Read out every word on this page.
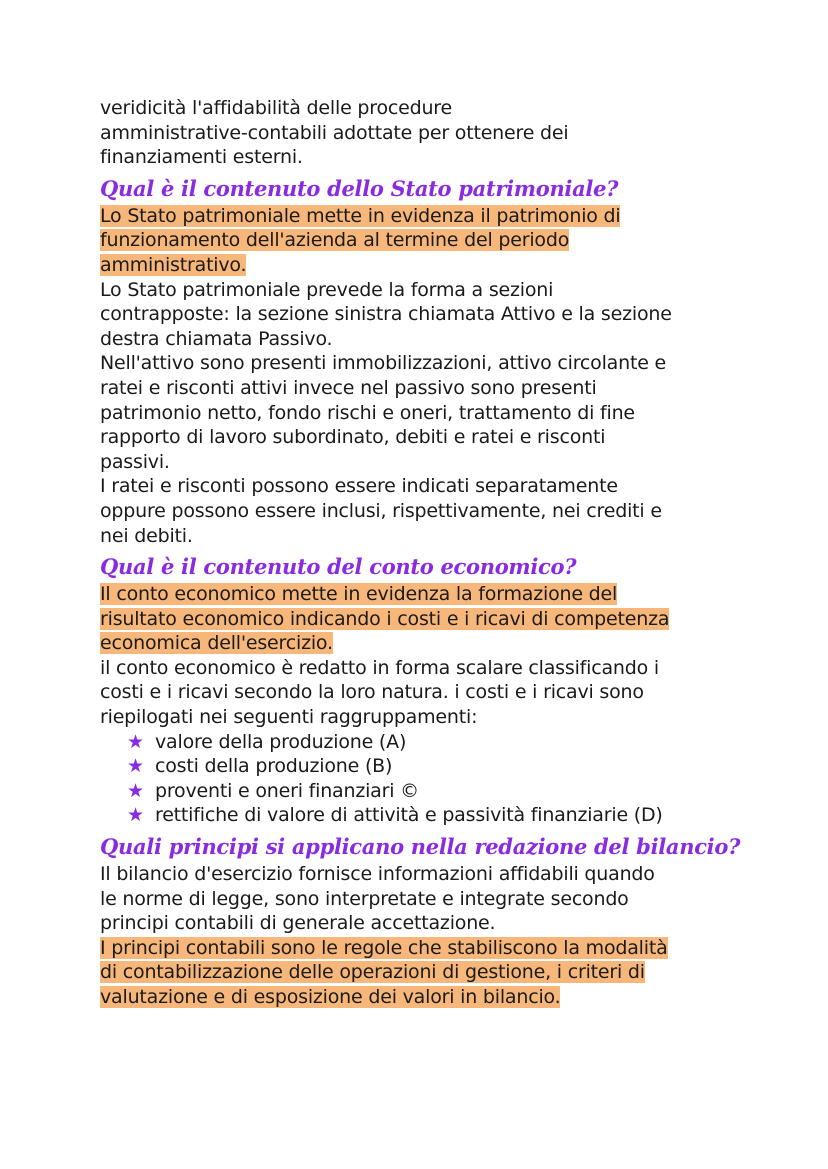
veridicità l'affidabilità delle procedure
amministrative-contabili adottate per ottenere dei
finanziamenti esterni.

Qual è il contenuto dello Stato patrimoniale?

Lo Stato patrimoniale mette in evidenza il patrimonio di
funzionamento dell'azienda al termine del periodo
amministrativo.

Lo Stato patrimoniale prevede la forma a sezioni
contrapposte: la sezione sinistra chiamata Attivo e la sezione
destra chiamata Passivo.
Nell'attivo sono presenti immobilizzazioni, attivo circolante e
ratei e risconti attivi invece nel passivo sono presenti
patrimonio netto, fondo rischi e oneri, trattamento di fine
rapporto di lavoro subordinato, debiti e ratei e risconti
passivi.
I ratei e risconti possono essere indicati separatamente
oppure possono essere inclusi, rispettivamente, nei crediti e
nei debiti.

Qual è il contenuto del conto economico?

Il conto economico mette in evidenza la formazione del
risultato economico indicando i costi e i ricavi di competenza
economica dell'esercizio.

il conto economico è redatto in forma scalare classificando i
costi e i ricavi secondo la loro natura. i costi e i ricavi sono
riepilogati nei seguenti raggruppamenti:

★ valore della produzione (A)
★ costi della produzione (B)
★ proventi e oneri finanziari ©
★ rettifiche di valore di attività e passività finanziarie (D)
Quali principi si applicano nella redazione del bilancio?

Il bilancio d'esercizio fornisce informazioni affidabili quando
le norme di legge, sono interpretate e integrate secondo
principi contabili di generale accettazione.

I principi contabili sono le regole che stabiliscono la modalità
di contabilizzazione delle operazioni di gestione, i criteri di
valutazione e di esposizione dei valori in bilancio.
